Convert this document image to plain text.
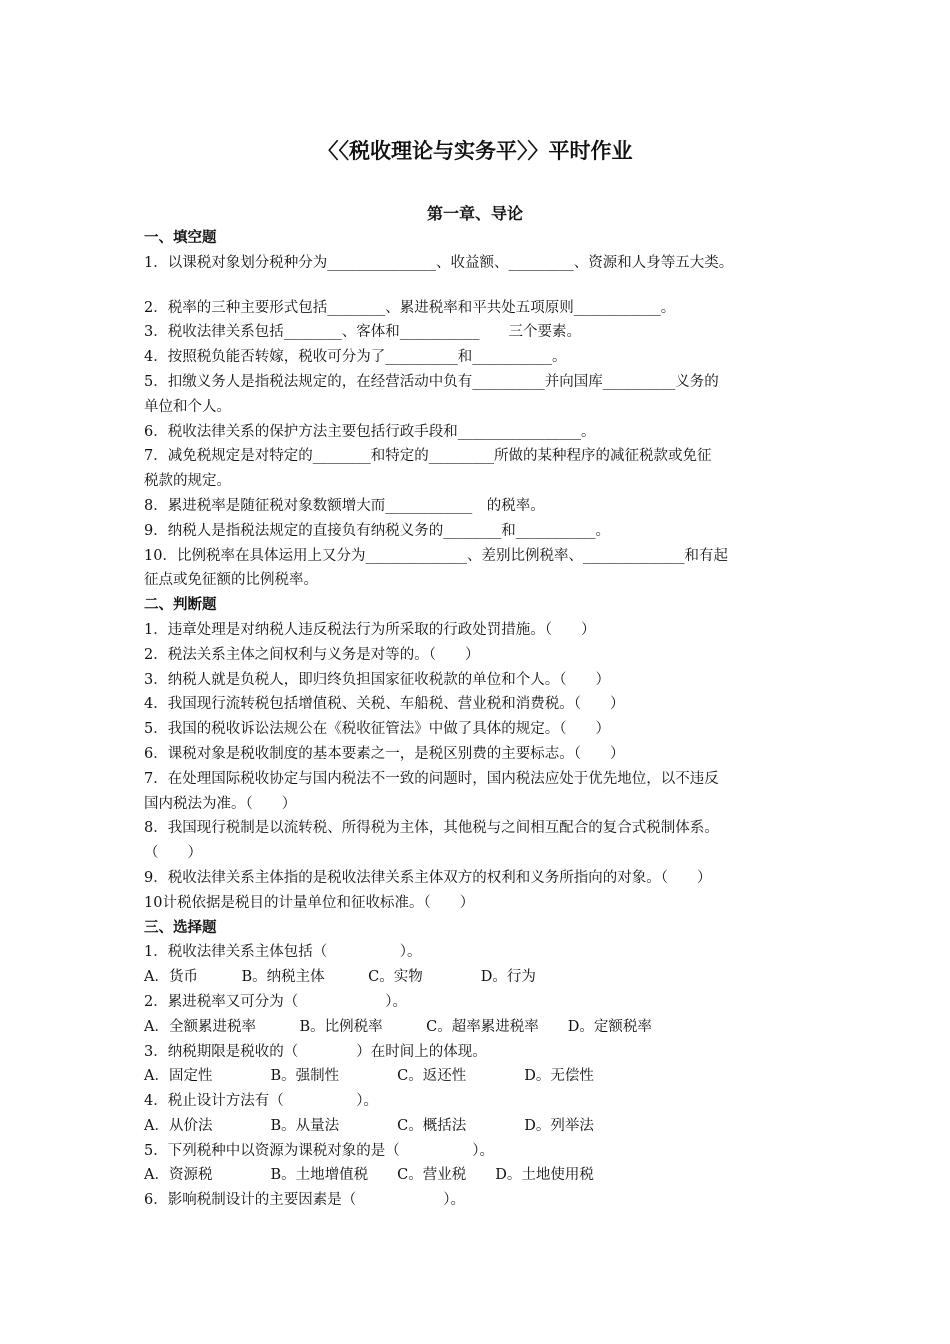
〈〈税收理论与实务平〉〉平时作业
第一章、导论
一、填空题
1．以课税对象划分税种分为_______________、收益额、_________、资源和人身等五大类。
2．税率的三种主要形式包括________、累进税率和平共处五项原则____________。
3．税收法律关系包括________、客体和___________　　三个要素。
4．按照税负能否转嫁，税收可分为了__________和___________。
5．扣缴义务人是指税法规定的，在经营活动中负有__________并向国库__________义务的
单位和个人。
6．税收法律关系的保护方法主要包括行政手段和_________________。
7．减免税规定是对特定的________和特定的_________所做的某种程序的减征税款或免征
税款的规定。
8．累进税率是随征税对象数额增大而____________　的税率。
9．纳税人是指税法规定的直接负有纳税义务的________和___________。
10．比例税率在具体运用上又分为______________、差别比例税率、______________和有起
征点或免征额的比例税率。
二、判断题
1．违章处理是对纳税人违反税法行为所采取的行政处罚措施。（　　）
2．税法关系主体之间权利与义务是对等的。（　　）
3．纳税人就是负税人，即归终负担国家征收税款的单位和个人。（　　）
4．我国现行流转税包括增值税、关税、车船税、营业税和消费税。（　　）
5．我国的税收诉讼法规公在《税收征管法》中做了具体的规定。（　　）
6．课税对象是税收制度的基本要素之一，是税区别费的主要标志。（　　）
7．在处理国际税收协定与国内税法不一致的问题时，国内税法应处于优先地位，以不违反
国内税法为准。（　　）
8．我国现行税制是以流转税、所得税为主体，其他税与之间相互配合的复合式税制体系。
（　　）
9．税收法律关系主体指的是税收法律关系主体双方的权利和义务所指向的对象。（　　）
10计税依据是税目的计量单位和征收标准。（　　）
三、选择题
1．税收法律关系主体包括（　　　　　）。
A．货币　　　B。纳税主体　　　C。实物　　　　D。行为
2．累进税率又可分为（　　　　　　）。
A．全额累进税率　　　B。比例税率　　　C。超率累进税率　　D。定额税率
3．纳税期限是税收的（　　　　）在时间上的体现。
A．固定性　　　　B。强制性　　　　C。返还性　　　　D。无偿性
4．税止设计方法有（　　　　　）。
A．从价法　　　　B。从量法　　　　C。概括法　　　　D。列举法
5．下列税种中以资源为课税对象的是（　　　　　）。
A．资源税　　　　B。土地增值税　　C。营业税　　D。土地使用税
6．影响税制设计的主要因素是（　　　　　　）。
